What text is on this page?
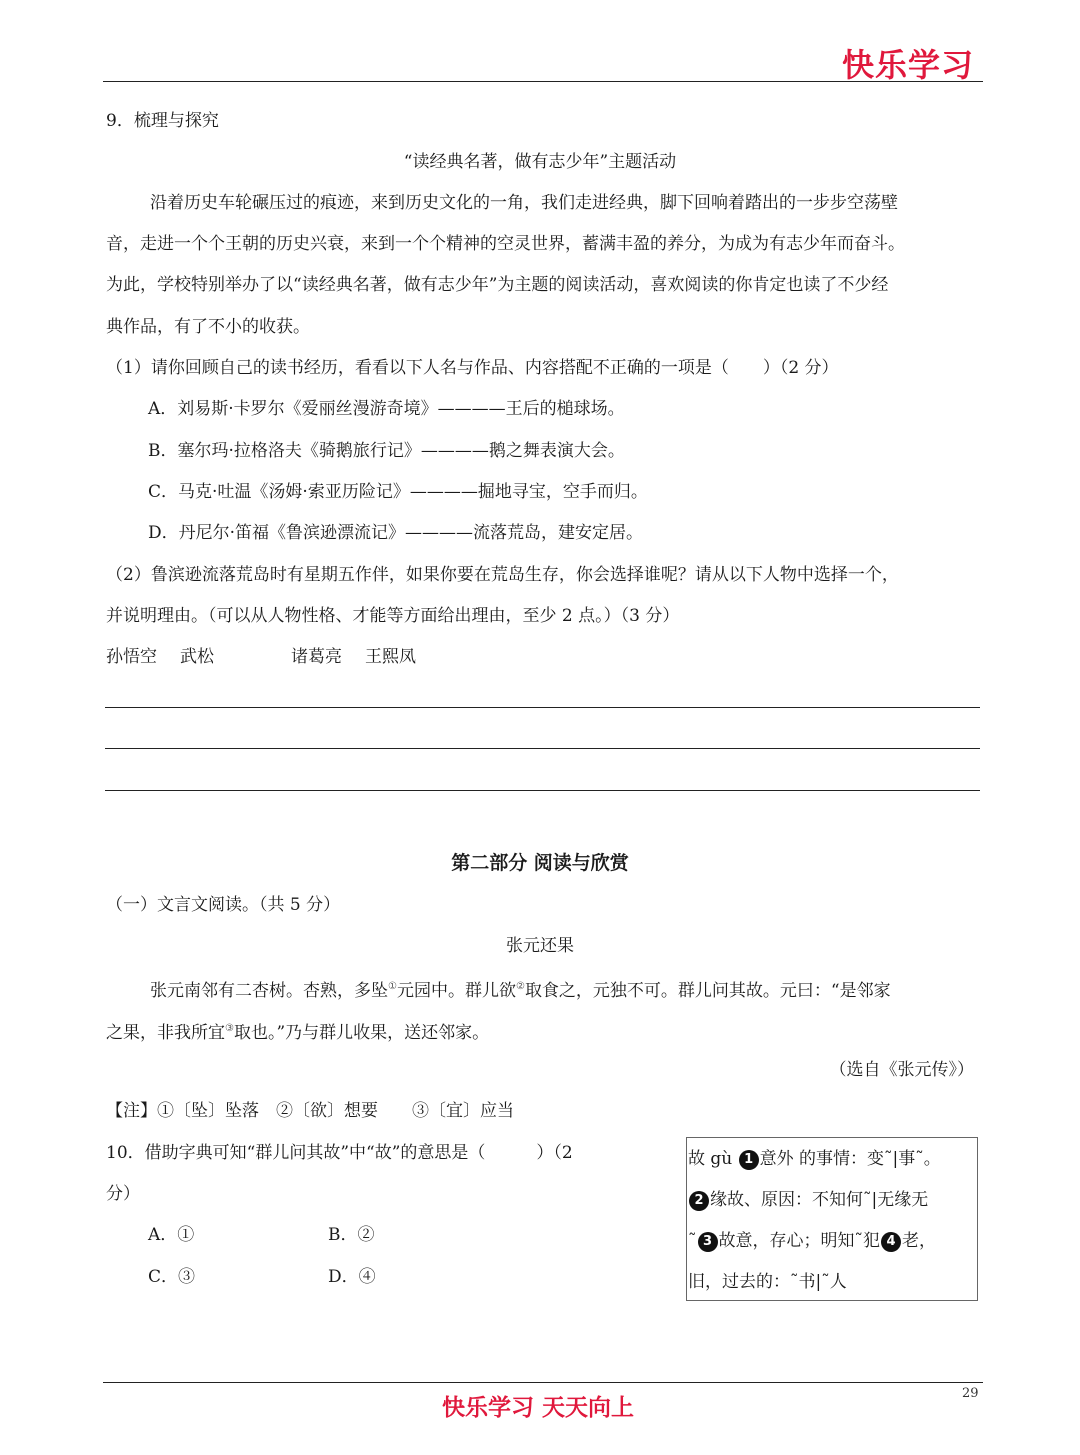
快乐学习
9．梳理与探究
“读经典名著，做有志少年”主题活动
沿着历史车轮碾压过的痕迹，来到历史文化的一角，我们走进经典，脚下回响着踏出的一步步空荡壁
音，走进一个个王朝的历史兴衰，来到一个个精神的空灵世界，蓄满丰盈的养分，为成为有志少年而奋斗。
为此，学校特别举办了以“读经典名著，做有志少年”为主题的阅读活动，喜欢阅读的你肯定也读了不少经
典作品，有了不小的收获。
（1）请你回顾自己的读书经历，看看以下人名与作品、内容搭配不正确的一项是（　　）（2 分）
A．刘易斯·卡罗尔《爱丽丝漫游奇境》————王后的槌球场。
B．塞尔玛·拉格洛夫《骑鹅旅行记》————鹅之舞表演大会。
C．马克·吐温《汤姆·索亚历险记》————掘地寻宝，空手而归。
D．丹尼尔·笛福《鲁滨逊漂流记》————流落荒岛，建安定居。
（2）鲁滨逊流落荒岛时有星期五作伴，如果你要在荒岛生存，你会选择谁呢？请从以下人物中选择一个，
并说明理由。（可以从人物性格、才能等方面给出理由，至少 2 点。）（3 分）
孙悟空 武松	诸葛亮 王熙凤
第二部分 阅读与欣赏
（一）文言文阅读。（共 5 分）
张元还果
张元南邻有二杏树。杏熟，多坠①元园中。群儿欲②取食之，元独不可。群儿问其故。元曰：“是邻家
之果，非我所宜③取也。”乃与群儿收果，送还邻家。
（选自《张元传》）
【注】①〔坠〕坠落　②〔欲〕想要　　③〔宜〕应当
10．借助字典可知“群儿问其故”中“故”的意思是（　　　）（2
分）
A．①	B．②
C．③	D．④
故 gù 1 意外 的事情：变˜|事˜。
2 缘故、原因：不知何˜|无缘无
˜ 3 故意，存心；明知˜犯 4 老，
旧，过去的：˜书|˜人
快乐学习 天天向上
29
